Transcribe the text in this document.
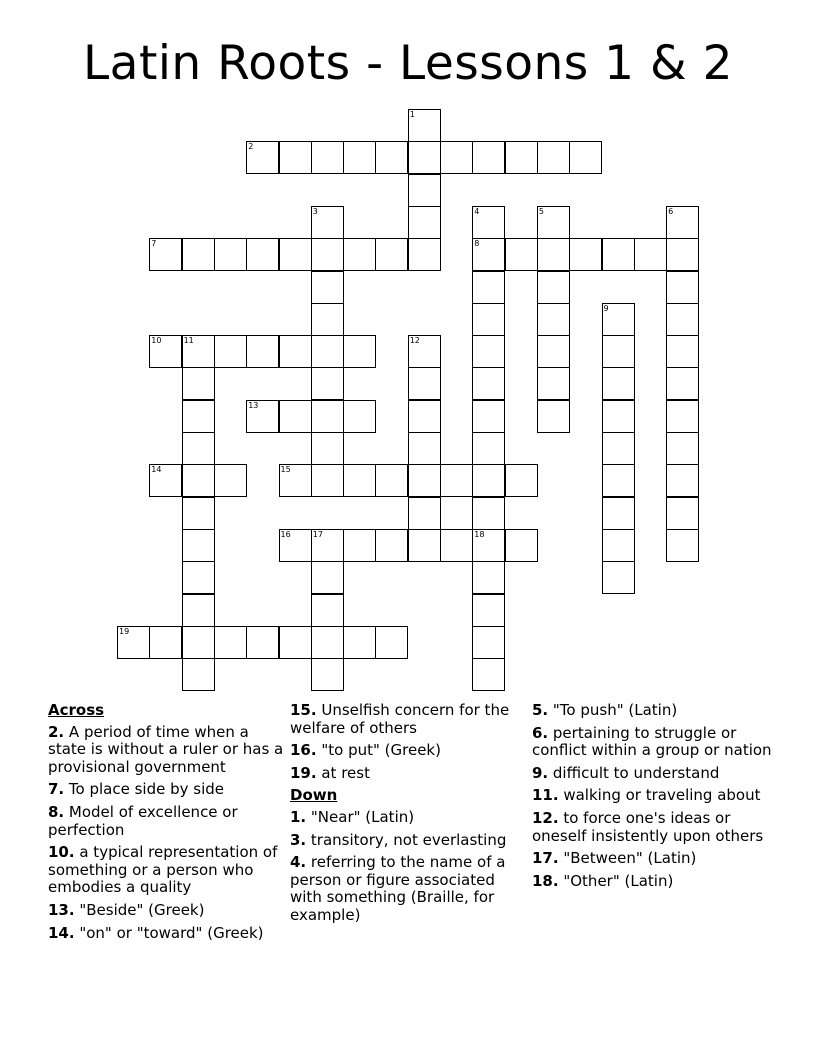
Latin Roots - Lessons 1 & 2
1
2
3	4
8
5	6
7
9
10	11	12
13
14	15
16	17	18
19
Across
2. A period of time when a state is without a ruler or has a provisional government
7. To place side by side
8. Model of excellence or perfection
10. a typical representation of something or a person who embodies a quality
13. "Beside" (Greek)
14. "on" or "toward" (Greek)
15. Unselfish concern for the welfare of others
16. "to put" (Greek)
19. at rest
Down
1. "Near" (Latin)
3. transitory, not everlasting
4. referring to the name of a person or figure associated with something (Braille, for example)
5. "To push" (Latin)
6. pertaining to struggle or conflict within a group or nation
9. difficult to understand
11. walking or traveling about
12. to force one's ideas or oneself insistently upon others
17. "Between" (Latin)
18. "Other" (Latin)
